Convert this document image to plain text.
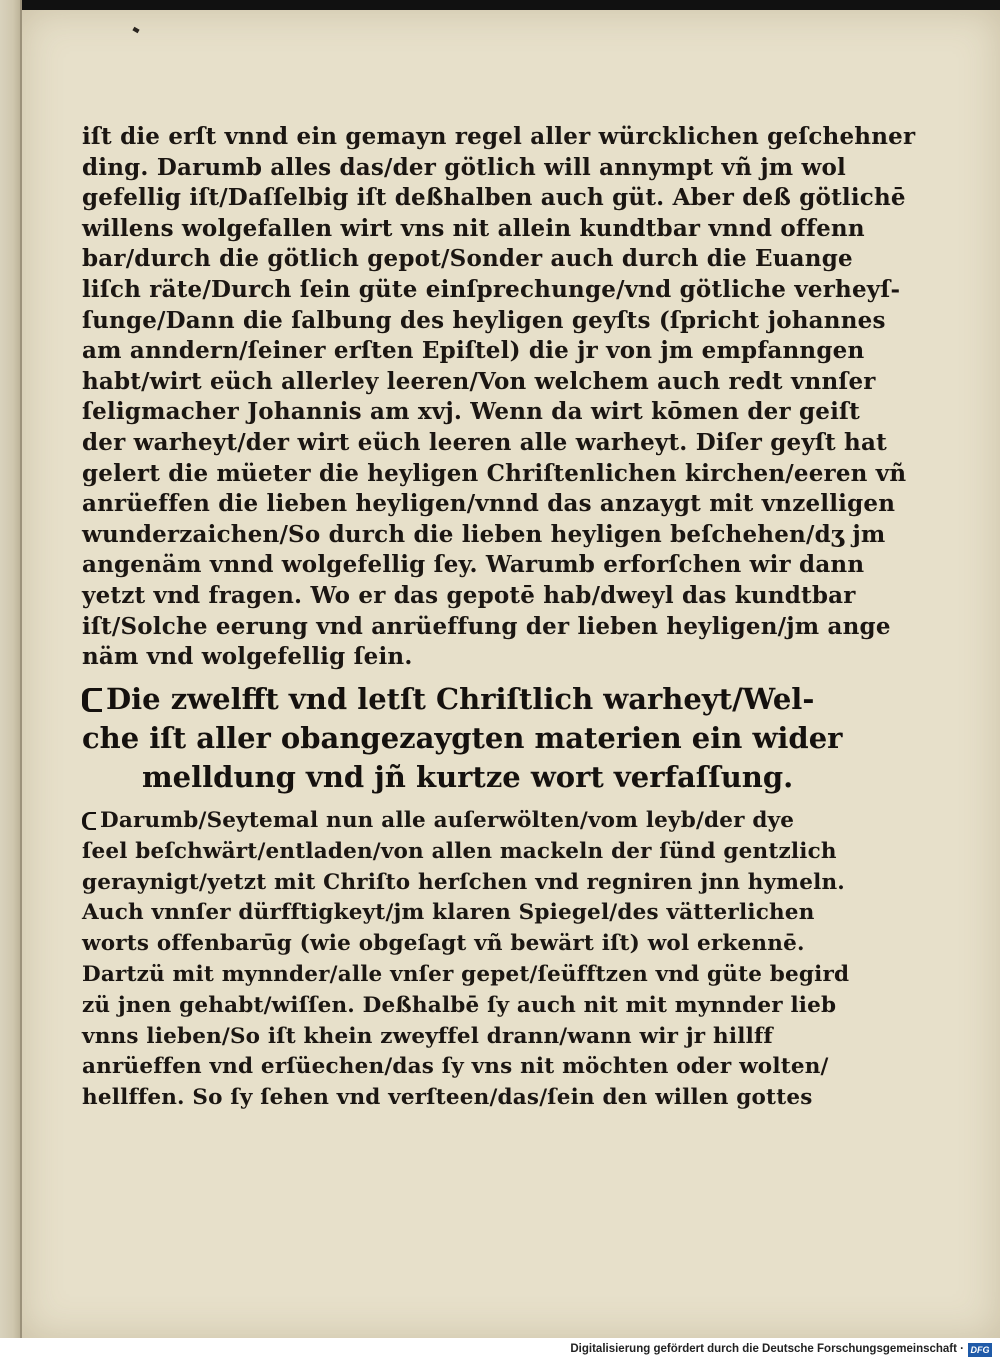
iſt die erſt vnnd ein gemayn regel aller würcklichen geſchehner
ding. Darumb alles das/der götlich will annympt vñ jm wol
gefellig iſt/Daſſelbig iſt deßhalben auch güt. Aber deß götlichē
willens wolgefallen wirt vns nit allein kundtbar vnnd offenn
bar/durch die götlich gepot/Sonder auch durch die Euange
liſch räte/Durch ſein güte einſprechunge/vnd götliche verheyſ-
ſunge/Dann die ſalbung des heyligen geyſts (ſpricht johannes
am anndern/ſeiner erſten Epiſtel) die jr von jm empfanngen
habt/wirt eüch allerley leeren/Von welchem auch redt vnnſer
ſeligmacher Johannis am xvj. Wenn da wirt kōmen der geiſt
der warheyt/der wirt eüch leeren alle warheyt. Diſer geyſt hat
gelert die müeter die heyligen Chriſtenlichen kirchen/eeren vñ
anrüeffen die lieben heyligen/vnnd das anzaygt mit vnzelligen
wunderzaichen/So durch die lieben heyligen beſchehen/dʒ jm
angenäm vnnd wolgefellig ſey. Warumb erforſchen wir dann
yetzt vnd fragen. Wo er das gepotē hab/dweyl das kundtbar
iſt/Solche eerung vnd anrüeffung der lieben heyligen/jm ange
näm vnd wolgefellig ſein.
Die zwelfft vnd letſt Chriſtlich warheyt/Wel-
che iſt aller obangezaygten materien ein wider
melldung vnd jñ kurtze wort verfaſſung.
Darumb/Seytemal nun alle auſerwölten/vom leyb/der dye
ſeel beſchwärt/entladen/von allen mackeln der ſünd gentzlich
geraynigt/yetzt mit Chriſto herſchen vnd regniren jnn hymeln.
Auch vnnſer dürfftigkeyt/jm klaren Spiegel/des vätterlichen
worts offenbarūg (wie obgeſagt vñ bewärt iſt) wol erkennē.
Dartzü mit mynnder/alle vnſer gepet/ſeüfftzen vnd güte begird
zü jnen gehabt/wiſſen. Deßhalbē ſy auch nit mit mynnder lieb
vnns lieben/So iſt khein zweyffel drann/wann wir jr hillff
anrüeffen vnd erſüechen/das ſy vns nit möchten oder wolten/
hellffen. So ſy ſehen vnd verſteen/das/ſein den willen gottes
Digitalisierung gefördert durch die Deutsche Forschungsgemeinschaft · DFG
